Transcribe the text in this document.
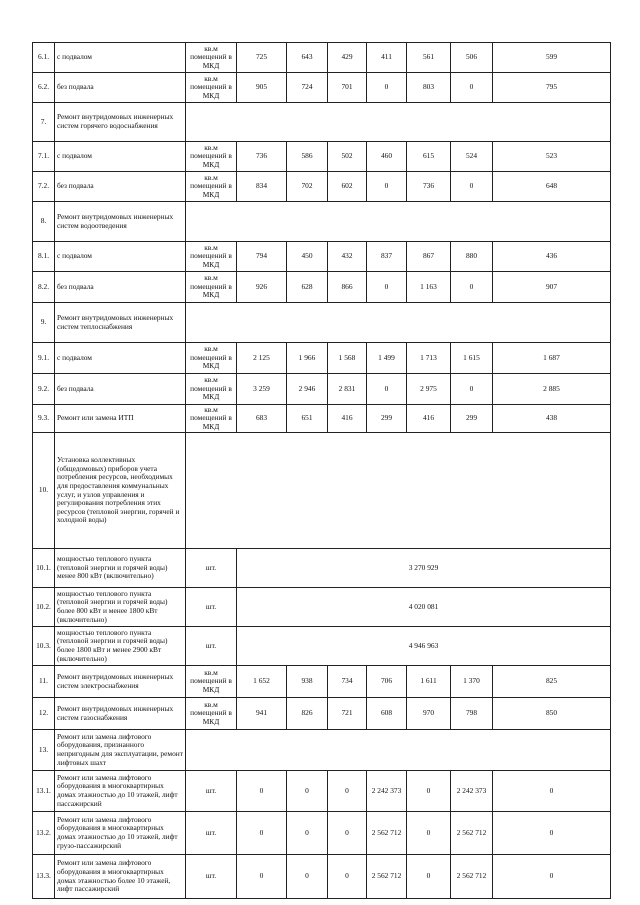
6.1.	с подвалом	кв.м помещений в МКД	725	643	429	411	561	506	599
6.2.	без подвала	кв.м помещений в МКД	905	724	701	0	803	0	795
7.	Ремонт внутридомовых инженерных систем горячего водоснабжения								
7.1.	с подвалом	кв.м помещений в МКД	736	586	502	460	615	524	523
7.2.	без подвала	кв.м помещений в МКД	834	702	602	0	736	0	648
8.	Ремонт внутридомовых инженерных систем водоотведения								
8.1.	с подвалом	кв.м помещений в МКД	794	450	432	837	867	880	436
8.2.	без подвала	кв.м помещений в МКД	926	628	866	0	1 163	0	907
9.	Ремонт внутридомовых инженерных систем теплоснабжения								
9.1.	с подвалом	кв.м помещений в МКД	2 125	1 966	1 568	1 499	1 713	1 615	1 687
9.2.	без подвала	кв.м помещений в МКД	3 259	2 946	2 831	0	2 975	0	2 885
9.3.	Ремонт или замена ИТП	кв.м помещений в МКД	683	651	416	299	416	299	438
10.	Установка коллективных (общедомовых) приборов учета потребления ресурсов, необходимых для предоставления коммунальных услуг, и узлов управления и регулирования потребления этих ресурсов (тепловой энергии, горячей и холодной воды)								
10.1.	мощностью теплового пункта (тепловой энергии и горячей воды) менее 800 кВт (включительно)	шт.	3 270 929						
10.2.	мощностью теплового пункта (тепловой энергии и горячей воды) более 800 кВт и менее 1800 кВт (включительно)	шт.	4 020 081						
10.3.	мощностью теплового пункта (тепловой энергии и горячей воды) более 1800 кВт и менее 2900 кВт (включительно)	шт.	4 946 963						
11.	Ремонт внутридомовых инженерных систем электроснабжения	кв.м помещений в МКД	1 652	938	734	706	1 611	1 370	825
12.	Ремонт внутридомовых инженерных систем газоснабжения	кв.м помещений в МКД	941	826	721	608	970	798	850
13.	Ремонт или замена лифтового оборудования, признанного непригодным для эксплуатации, ремонт лифтовых шахт								
13.1.	Ремонт или замена лифтового оборудования в многоквартирных домах этажностью до 10 этажей, лифт пассажирский	шт.	0	0	0	2 242 373	0	2 242 373	0
13.2.	Ремонт или замена лифтового оборудования в многоквартирных домах этажностью до 10 этажей, лифт грузо-пассажирский	шт.	0	0	0	2 562 712	0	2 562 712	0
13.3.	Ремонт или замена лифтового оборудования в многоквартирных домах этажностью более 10 этажей, лифт пассажирский	шт.	0	0	0	2 562 712	0	2 562 712	0
